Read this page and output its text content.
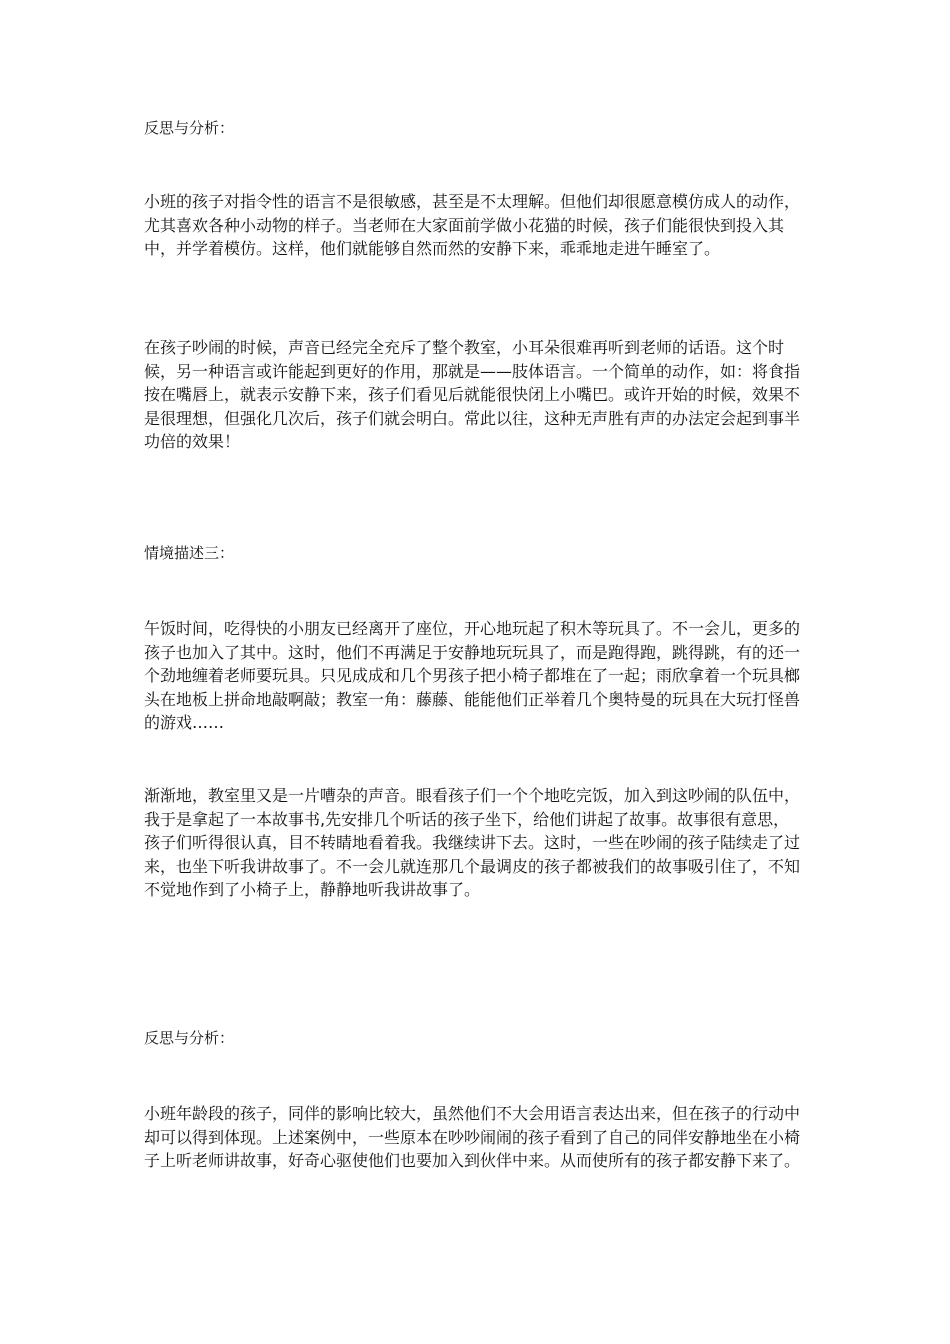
反思与分析：

小班的孩子对指令性的语言不是很敏感，甚至是不太理解。但他们却很愿意模仿成人的动作，尤其喜欢各种小动物的样子。当老师在大家面前学做小花猫的时候，孩子们能很快到投入其中，并学着模仿。这样，他们就能够自然而然的安静下来，乖乖地走进午睡室了。

在孩子吵闹的时候，声音已经完全充斥了整个教室，小耳朵很难再听到老师的话语。这个时候，另一种语言或许能起到更好的作用，那就是——肢体语言。一个简单的动作，如：将食指按在嘴唇上，就表示安静下来，孩子们看见后就能很快闭上小嘴巴。或许开始的时候，效果不是很理想，但强化几次后，孩子们就会明白。常此以往，这种无声胜有声的办法定会起到事半功倍的效果！

情境描述三：

午饭时间，吃得快的小朋友已经离开了座位，开心地玩起了积木等玩具了。不一会儿，更多的孩子也加入了其中。这时，他们不再满足于安静地玩玩具了，而是跑得跑，跳得跳，有的还一个劲地缠着老师要玩具。只见成成和几个男孩子把小椅子都堆在了一起；雨欣拿着一个玩具榔头在地板上拼命地敲啊敲；教室一角：藤藤、能能他们正举着几个奥特曼的玩具在大玩打怪兽的游戏……

渐渐地，教室里又是一片嘈杂的声音。眼看孩子们一个个地吃完饭，加入到这吵闹的队伍中，我于是拿起了一本故事书,先安排几个听话的孩子坐下，给他们讲起了故事。故事很有意思，孩子们听得很认真，目不转睛地看着我。我继续讲下去。这时，一些在吵闹的孩子陆续走了过来，也坐下听我讲故事了。不一会儿就连那几个最调皮的孩子都被我们的故事吸引住了，不知不觉地作到了小椅子上，静静地听我讲故事了。

反思与分析：

小班年龄段的孩子，同伴的影响比较大，虽然他们不大会用语言表达出来，但在孩子的行动中却可以得到体现。上述案例中，一些原本在吵吵闹闹的孩子看到了自己的同伴安静地坐在小椅子上听老师讲故事，好奇心驱使他们也要加入到伙伴中来。从而使所有的孩子都安静下来了。
